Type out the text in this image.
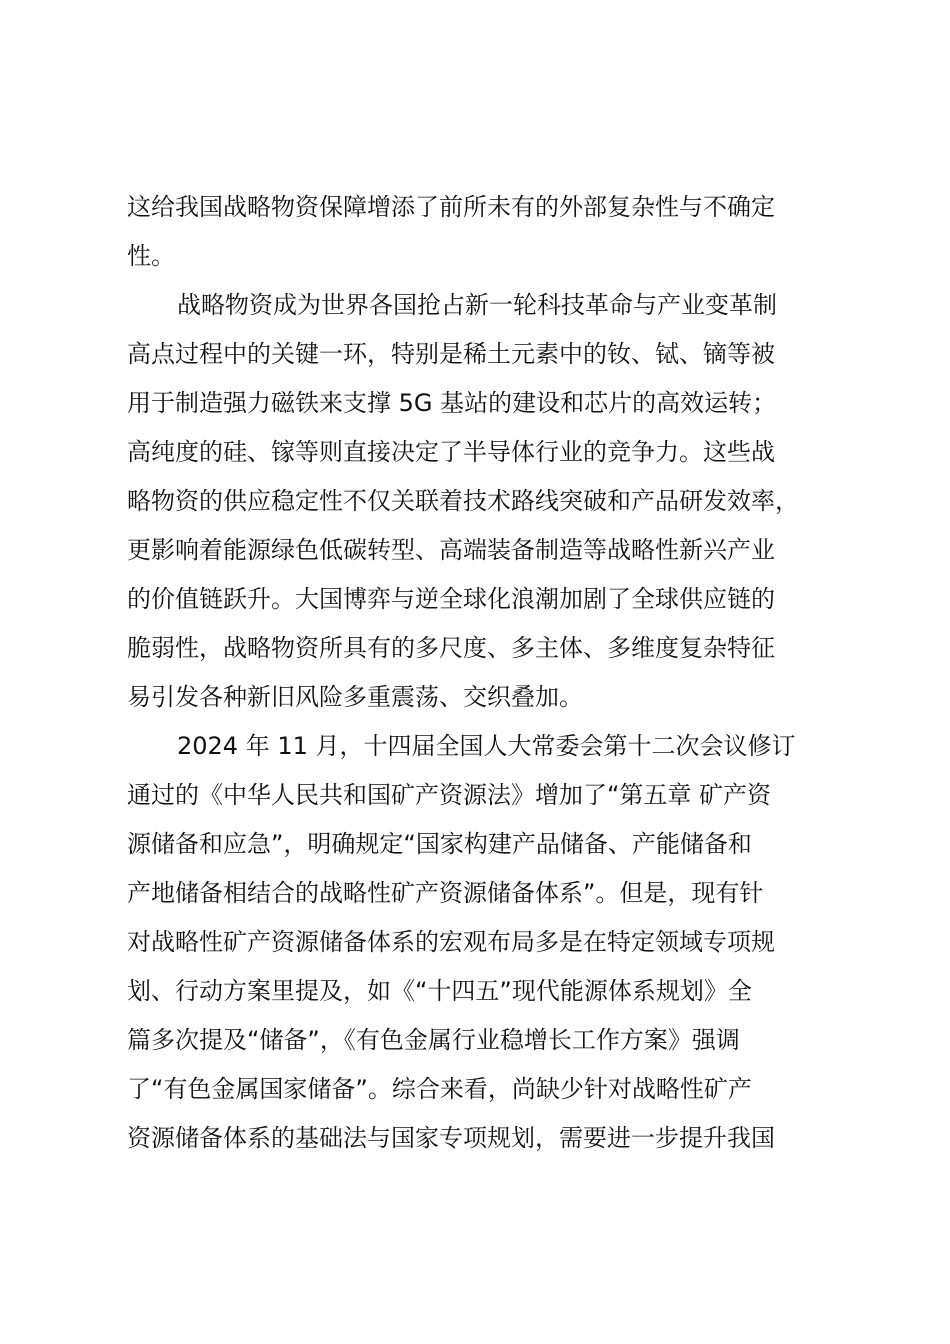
这给我国战略物资保障增添了前所未有的外部复杂性与不确定
性。
战略物资成为世界各国抢占新一轮科技革命与产业变革制
高点过程中的关键一环，特别是稀土元素中的钕、铽、镝等被
用于制造强力磁铁来支撑 5G 基站的建设和芯片的高效运转；
高纯度的硅、镓等则直接决定了半导体行业的竞争力。这些战
略物资的供应稳定性不仅关联着技术路线突破和产品研发效率，
更影响着能源绿色低碳转型、高端装备制造等战略性新兴产业
的价值链跃升。大国博弈与逆全球化浪潮加剧了全球供应链的
脆弱性，战略物资所具有的多尺度、多主体、多维度复杂特征
易引发各种新旧风险多重震荡、交织叠加。
2024 年 11 月，十四届全国人大常委会第十二次会议修订
通过的《中华人民共和国矿产资源法》增加了“第五章 矿产资
源储备和应急”，明确规定“国家构建产品储备、产能储备和
产地储备相结合的战略性矿产资源储备体系”。但是，现有针
对战略性矿产资源储备体系的宏观布局多是在特定领域专项规
划、行动方案里提及，如《“十四五”现代能源体系规划》全
篇多次提及“储备”，《有色金属行业稳增长工作方案》强调
了“有色金属国家储备”。综合来看，尚缺少针对战略性矿产
资源储备体系的基础法与国家专项规划，需要进一步提升我国
